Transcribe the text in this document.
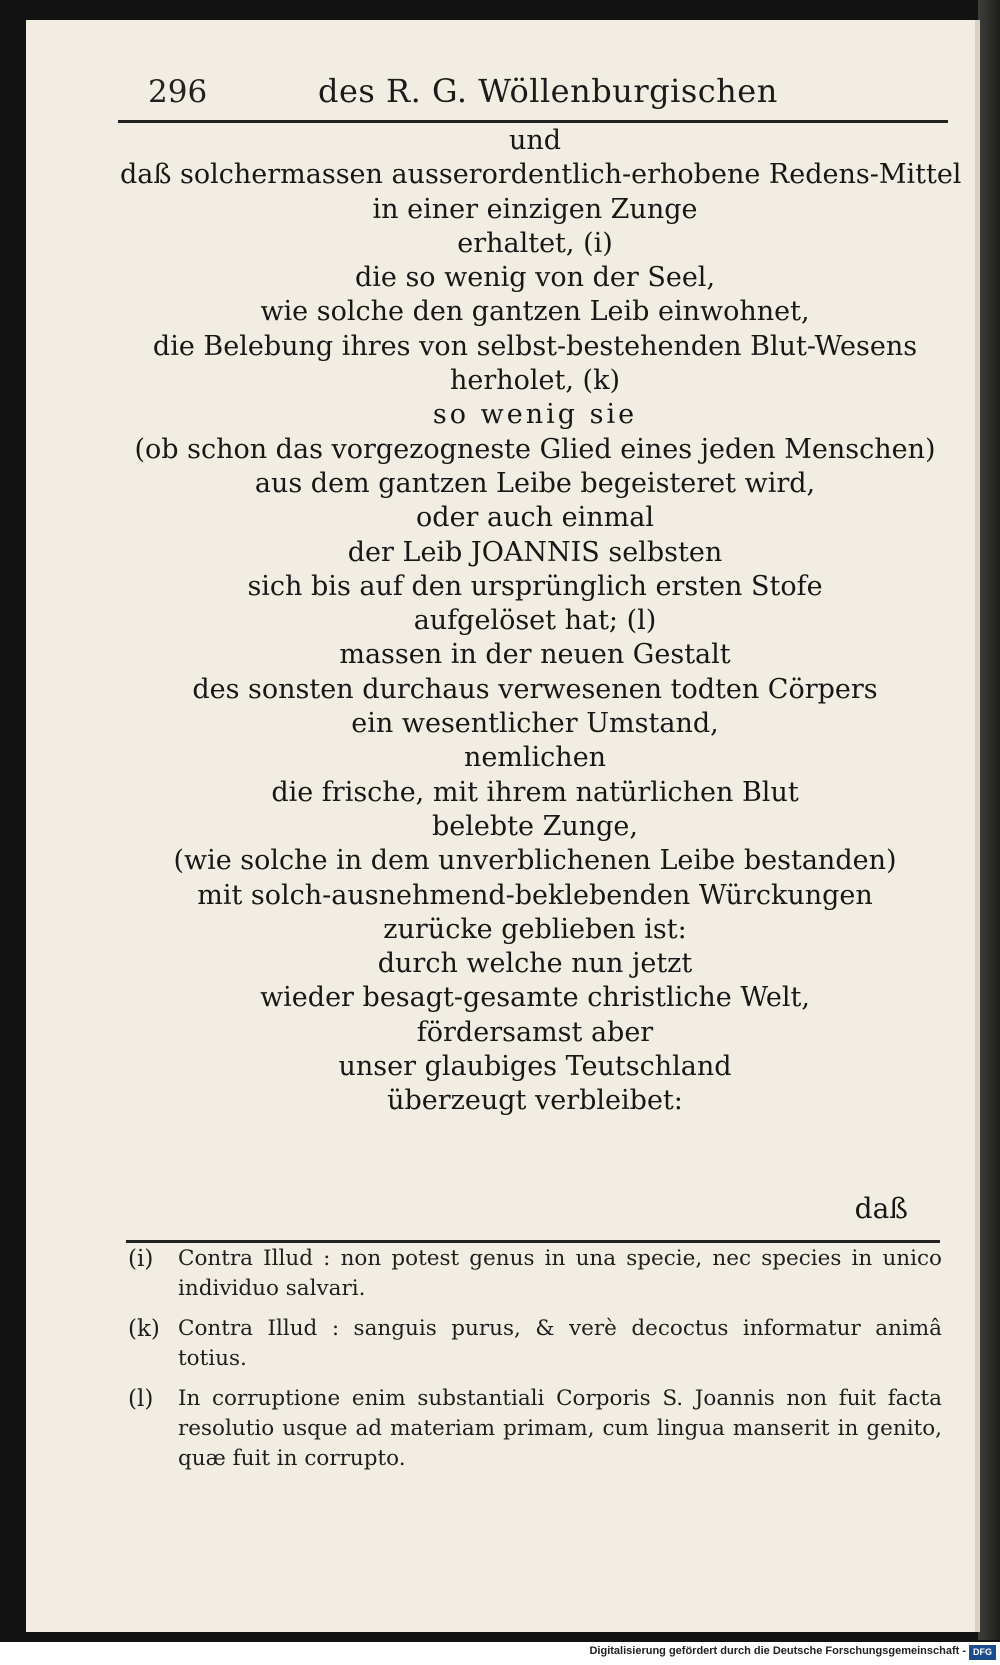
296	des R. G. Wöllenburgischen
und
daß solchermassen ausserordentlich-erhobene Redens-Mittel
in einer einzigen Zunge
erhaltet, (i)
die so wenig von der Seel,
wie solche den gantzen Leib einwohnet,
die Belebung ihres von selbst-bestehenden Blut-Wesens
herholet, (k)
so wenig sie
(ob schon das vorgezogneste Glied eines jeden Menschen)
aus dem gantzen Leibe begeisteret wird,
oder auch einmal
der Leib JOANNIS selbsten
sich bis auf den ursprünglich ersten Stofe
aufgelöset hat; (l)
massen in der neuen Gestalt
des sonsten durchaus verwesenen todten Cörpers
ein wesentlicher Umstand,
nemlichen
die frische, mit ihrem natürlichen Blut
belebte Zunge,
(wie solche in dem unverblichenen Leibe bestanden)
mit solch-ausnehmend-beklebenden Würckungen
zurücke geblieben ist:
durch welche nun jetzt
wieder besagt-gesamte christliche Welt,
fördersamst aber
unser glaubiges Teutschland
überzeugt verbleibet:
daß
(i) Contra Illud : non potest genus in una specie, nec species in unico individuo salvari.
(k) Contra Illud : sanguis purus, & verè decoctus informatur animâ totius.
(l) In corruptione enim substantiali Corporis S. Joannis non fuit facta resolutio usque ad materiam primam, cum lingua manserit in genito, quæ fuit in corrupto.
Digitalisierung gefördert durch die Deutsche Forschungsgemeinschaft - DFG
